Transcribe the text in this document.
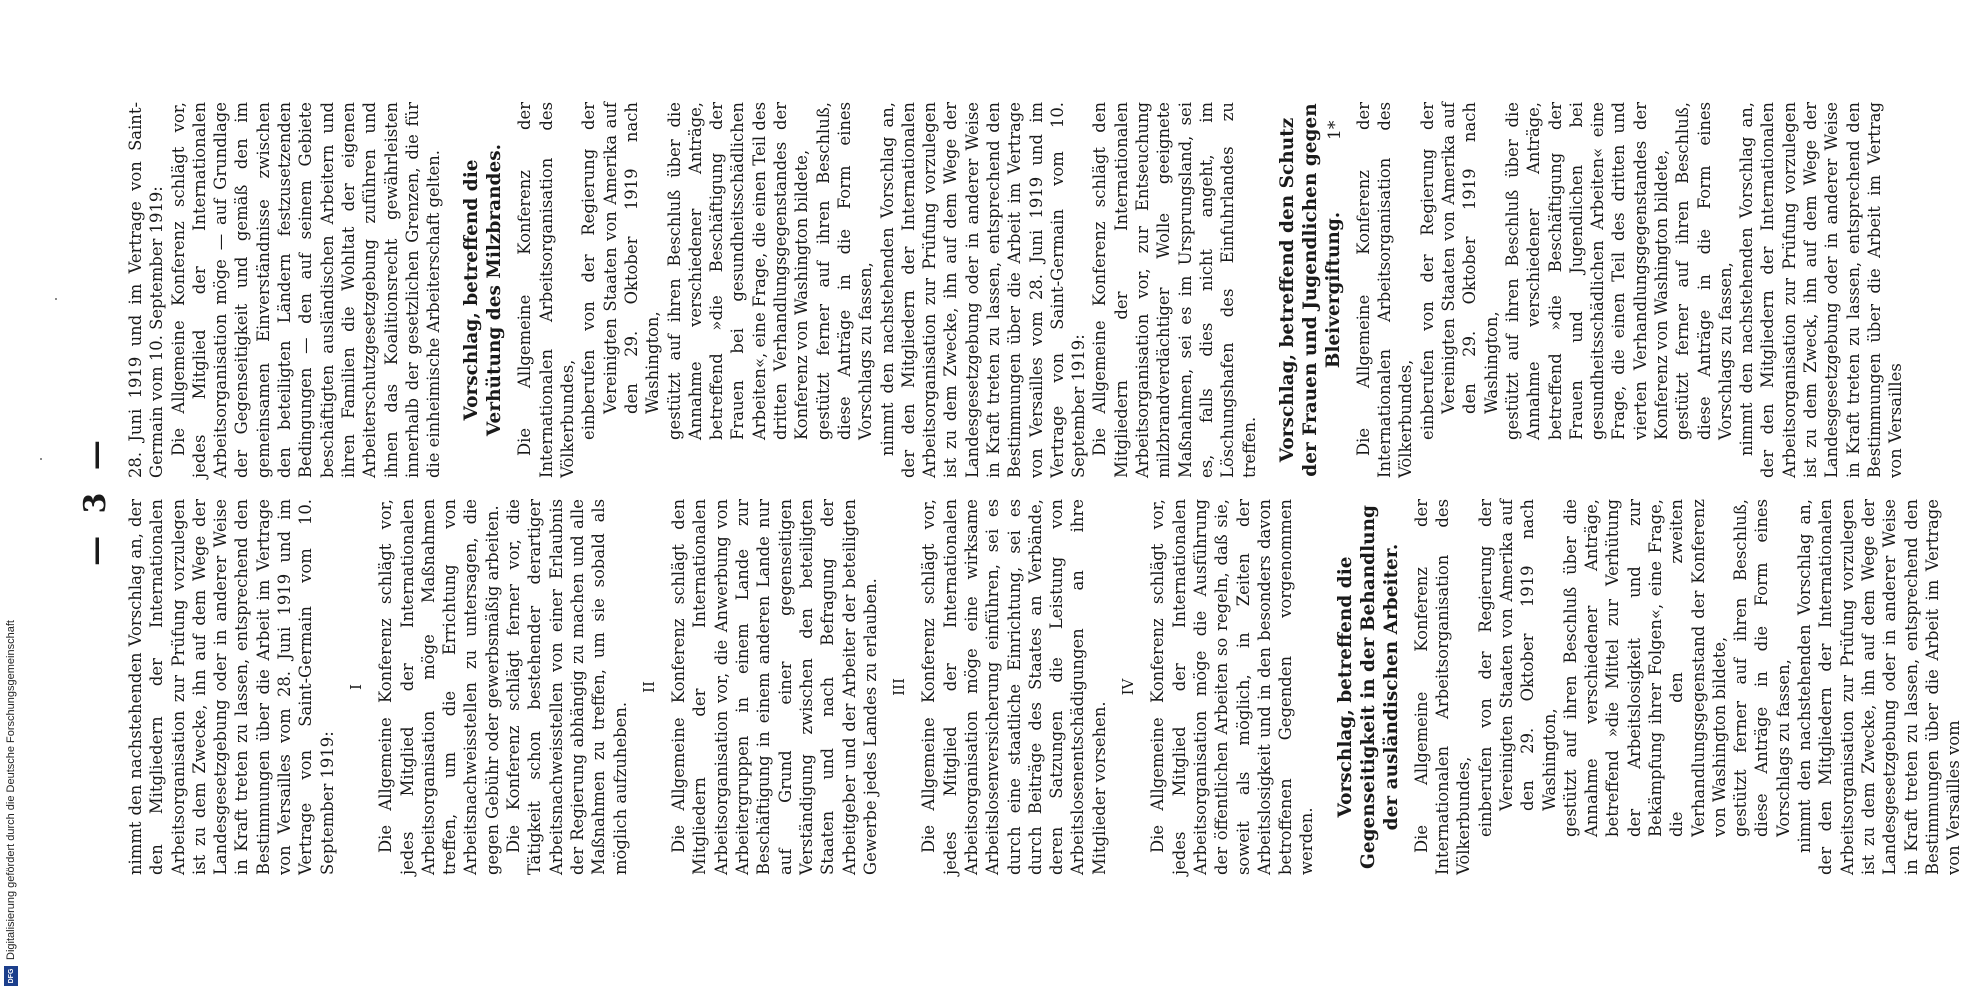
— 3 — nimmt den nachstehenden Vorschlag an, der den Mitgliedern der Internationalen Arbeitsorganisation zur Prüfung vorzulegen ist zu dem Zwecke, ihn auf dem Wege der Landesgesetzgebung oder in anderer Weise in Kraft treten zu lassen, entsprechend den Bestimmungen über die Arbeit im Vertrage von Versailles vom 28. Juni 1919 und im Vertrage von Saint-Germain vom 10. September 1919:

I Die Allgemeine Konferenz schlägt vor, jedes Mitglied der Internationalen Arbeitsorganisation möge Maßnahmen treffen, um die Errichtung von Arbeitsnachweisstellen zu untersagen, die gegen Gebühr oder gewerbsmäßig arbeiten. Die Konferenz schlägt ferner vor, die Tätigkeit schon bestehender derartiger Arbeitsnachweisstellen von einer Erlaubnis der Regierung abhängig zu machen und alle Maßnahmen zu treffen, um sie sobald als möglich aufzuheben.

II Die Allgemeine Konferenz schlägt den Mitgliedern der Internationalen Arbeitsorganisation vor, die Anwerbung von Arbeitergruppen in einem Lande zur Beschäftigung in einem anderen Lande nur auf Grund einer gegenseitigen Verständigung zwischen den beteiligten Staaten und nach Befragung der Arbeitgeber und der Arbeiter der beteiligten Gewerbe jedes Landes zu erlauben. III Die Allgemeine Konferenz schlägt vor, jedes Mitglied der Internationalen Arbeitsorganisation möge eine wirksame Arbeitslosenversicherung einführen, sei es durch eine staatliche Einrichtung, sei es durch Beiträge des Staates an Verbände, deren Satzungen die Leistung von Arbeitslosenentschädigungen an ihre Mitglieder vorsehen.

IV Die Allgemeine Konferenz schlägt vor, jedes Mitglied der Internationalen Arbeitsorganisation möge die Ausführung der öffentlichen Arbeiten so regeln, daß sie, soweit als möglich, in Zeiten der Arbeitslosigkeit und in den besonders davon betroffenen Gegenden vorgenommen werden.

Vorschlag, betreffend die Gegenseitigkeit in der Behandlung der ausländischen Arbeiter. Die Allgemeine Konferenz der Internationalen Arbeitsorganisation des Völkerbundes, einberufen von der Regierung der Vereinigten Staaten von Amerika auf den 29. Oktober 1919 nach Washington, gestützt auf ihren Beschluß über die Annahme verschiedener Anträge, betreffend »die Mittel zur Verhütung der Arbeitslosigkeit und zur Bekämpfung ihrer Folgen«, eine Frage, die den zweiten Verhandlungsgegenstand der Konferenz von Washington bildete, gestützt ferner auf ihren Beschluß, diese Anträge in die Form eines Vorschlags zu fassen, nimmt den nachstehenden Vorschlag an, der den Mitgliedern der Internationalen Arbeitsorganisation zur Prüfung vorzulegen ist zu dem Zwecke, ihn auf dem Wege der Landesgesetzgebung oder in anderer Weise in Kraft treten zu lassen, entsprechend den Bestimmungen über die Arbeit im Vertrage von Versailles vom

28. Juni 1919 und im Vertrage von Saint-Germain vom 10. September 1919: Die Allgemeine Konferenz schlägt vor, jedes Mitglied der Internationalen Arbeitsorganisation möge — auf Grundlage der Gegenseitigkeit und gemäß den im gemeinsamen Einverständnisse zwischen den beteiligten Ländern festzusetzenden Bedingungen — den auf seinem Gebiete beschäftigten ausländischen Arbeitern und ihren Familien die Wohltat der eigenen Arbeiterschutzgesetzgebung zuführen und ihnen das Koalitionsrecht gewährleisten innerhalb der gesetzlichen Grenzen, die für die einheimische Arbeiterschaft gelten. Vorschlag, betreffend die Verhütung des Milzbrandes. Die Allgemeine Konferenz der Internationalen Arbeitsorganisation des Völkerbundes, einberufen von der Regierung der Vereinigten Staaten von Amerika auf den 29. Oktober 1919 nach Washington, gestützt auf ihren Beschluß über die Annahme verschiedener Anträge, betreffend »die Beschäftigung der Frauen bei gesundheitsschädlichen Arbeiten«, eine Frage, die einen Teil des dritten Verhandlungsgegenstandes der Konferenz von Washington bildete, gestützt ferner auf ihren Beschluß, diese Anträge in die Form eines Vorschlags zu fassen, nimmt den nachstehenden Vorschlag an, der den Mitgliedern der Internationalen Arbeitsorganisation zur Prüfung vorzulegen ist zu dem Zwecke, ihn auf dem Wege der Landesgesetzgebung oder in anderer Weise in Kraft treten zu lassen, entsprechend den Bestimmungen über die Arbeit im Vertrage von Versailles vom 28. Juni 1919 und im Vertrage von Saint-Germain vom 10. September 1919: Die Allgemeine Konferenz schlägt den Mitgliedern der Internationalen Arbeitsorganisation vor, zur Entseuchung milzbrandverdächtiger Wolle geeignete Maßnahmen, sei es im Ursprungsland, sei es, falls dies nicht angeht, im Löschungshafen des Einfuhrlandes zu treffen. Vorschlag, betreffend den Schutz der Frauen und Jugendlichen gegen Bleivergiftung. Die Allgemeine Konferenz der Internationalen Arbeitsorganisation des Völkerbundes, einberufen von der Regierung der Vereinigten Staaten von Amerika auf den 29. Oktober 1919 nach Washington, gestützt auf ihren Beschluß über die Annahme verschiedener Anträge, betreffend »die Beschäftigung der Frauen und Jugendlichen bei gesundheitsschädlichen Arbeiten« eine Frage, die einen Teil des dritten und vierten Verhandlungsgegenstandes der Konferenz von Washington bildete, gestützt ferner auf ihren Beschluß, diese Anträge in die Form eines Vorschlags zu fassen, nimmt den nachstehenden Vorschlag an, der den Mitgliedern der Internationalen Arbeitsorganisation zur Prüfung vorzulegen ist zu dem Zweck, ihn auf dem Wege der Landesgesetzgebung oder in anderer Weise in Kraft treten zu lassen, entsprechend den Bestimmungen über die Arbeit im Vertrag von Versailles

1*
DFG
Digitalisierung gefördert durch die Deutsche Forschungsgemeinschaft
